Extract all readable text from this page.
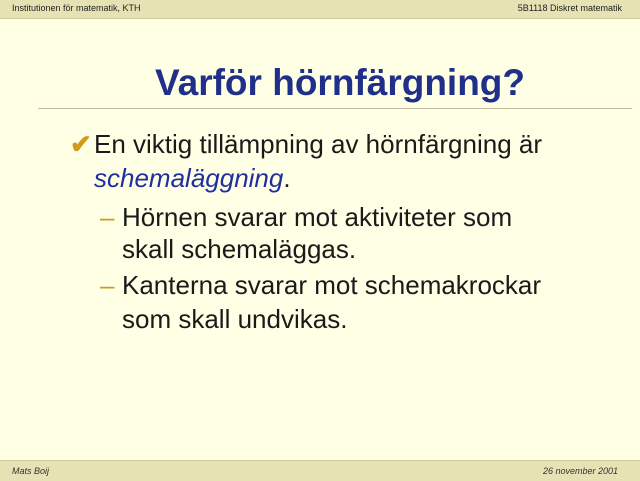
Institutionen för matematik, KTH	5B1118 Diskret matematik
Varför hörnfärgning?
✔En viktig tillämpning av hörnfärgning är
schemaläggning.
– Hörnen svarar mot aktiviteter som
skall schemaläggas.
– Kanterna svarar mot schemakrockar
som skall undvikas.
Mats Boij	26 november 2001
